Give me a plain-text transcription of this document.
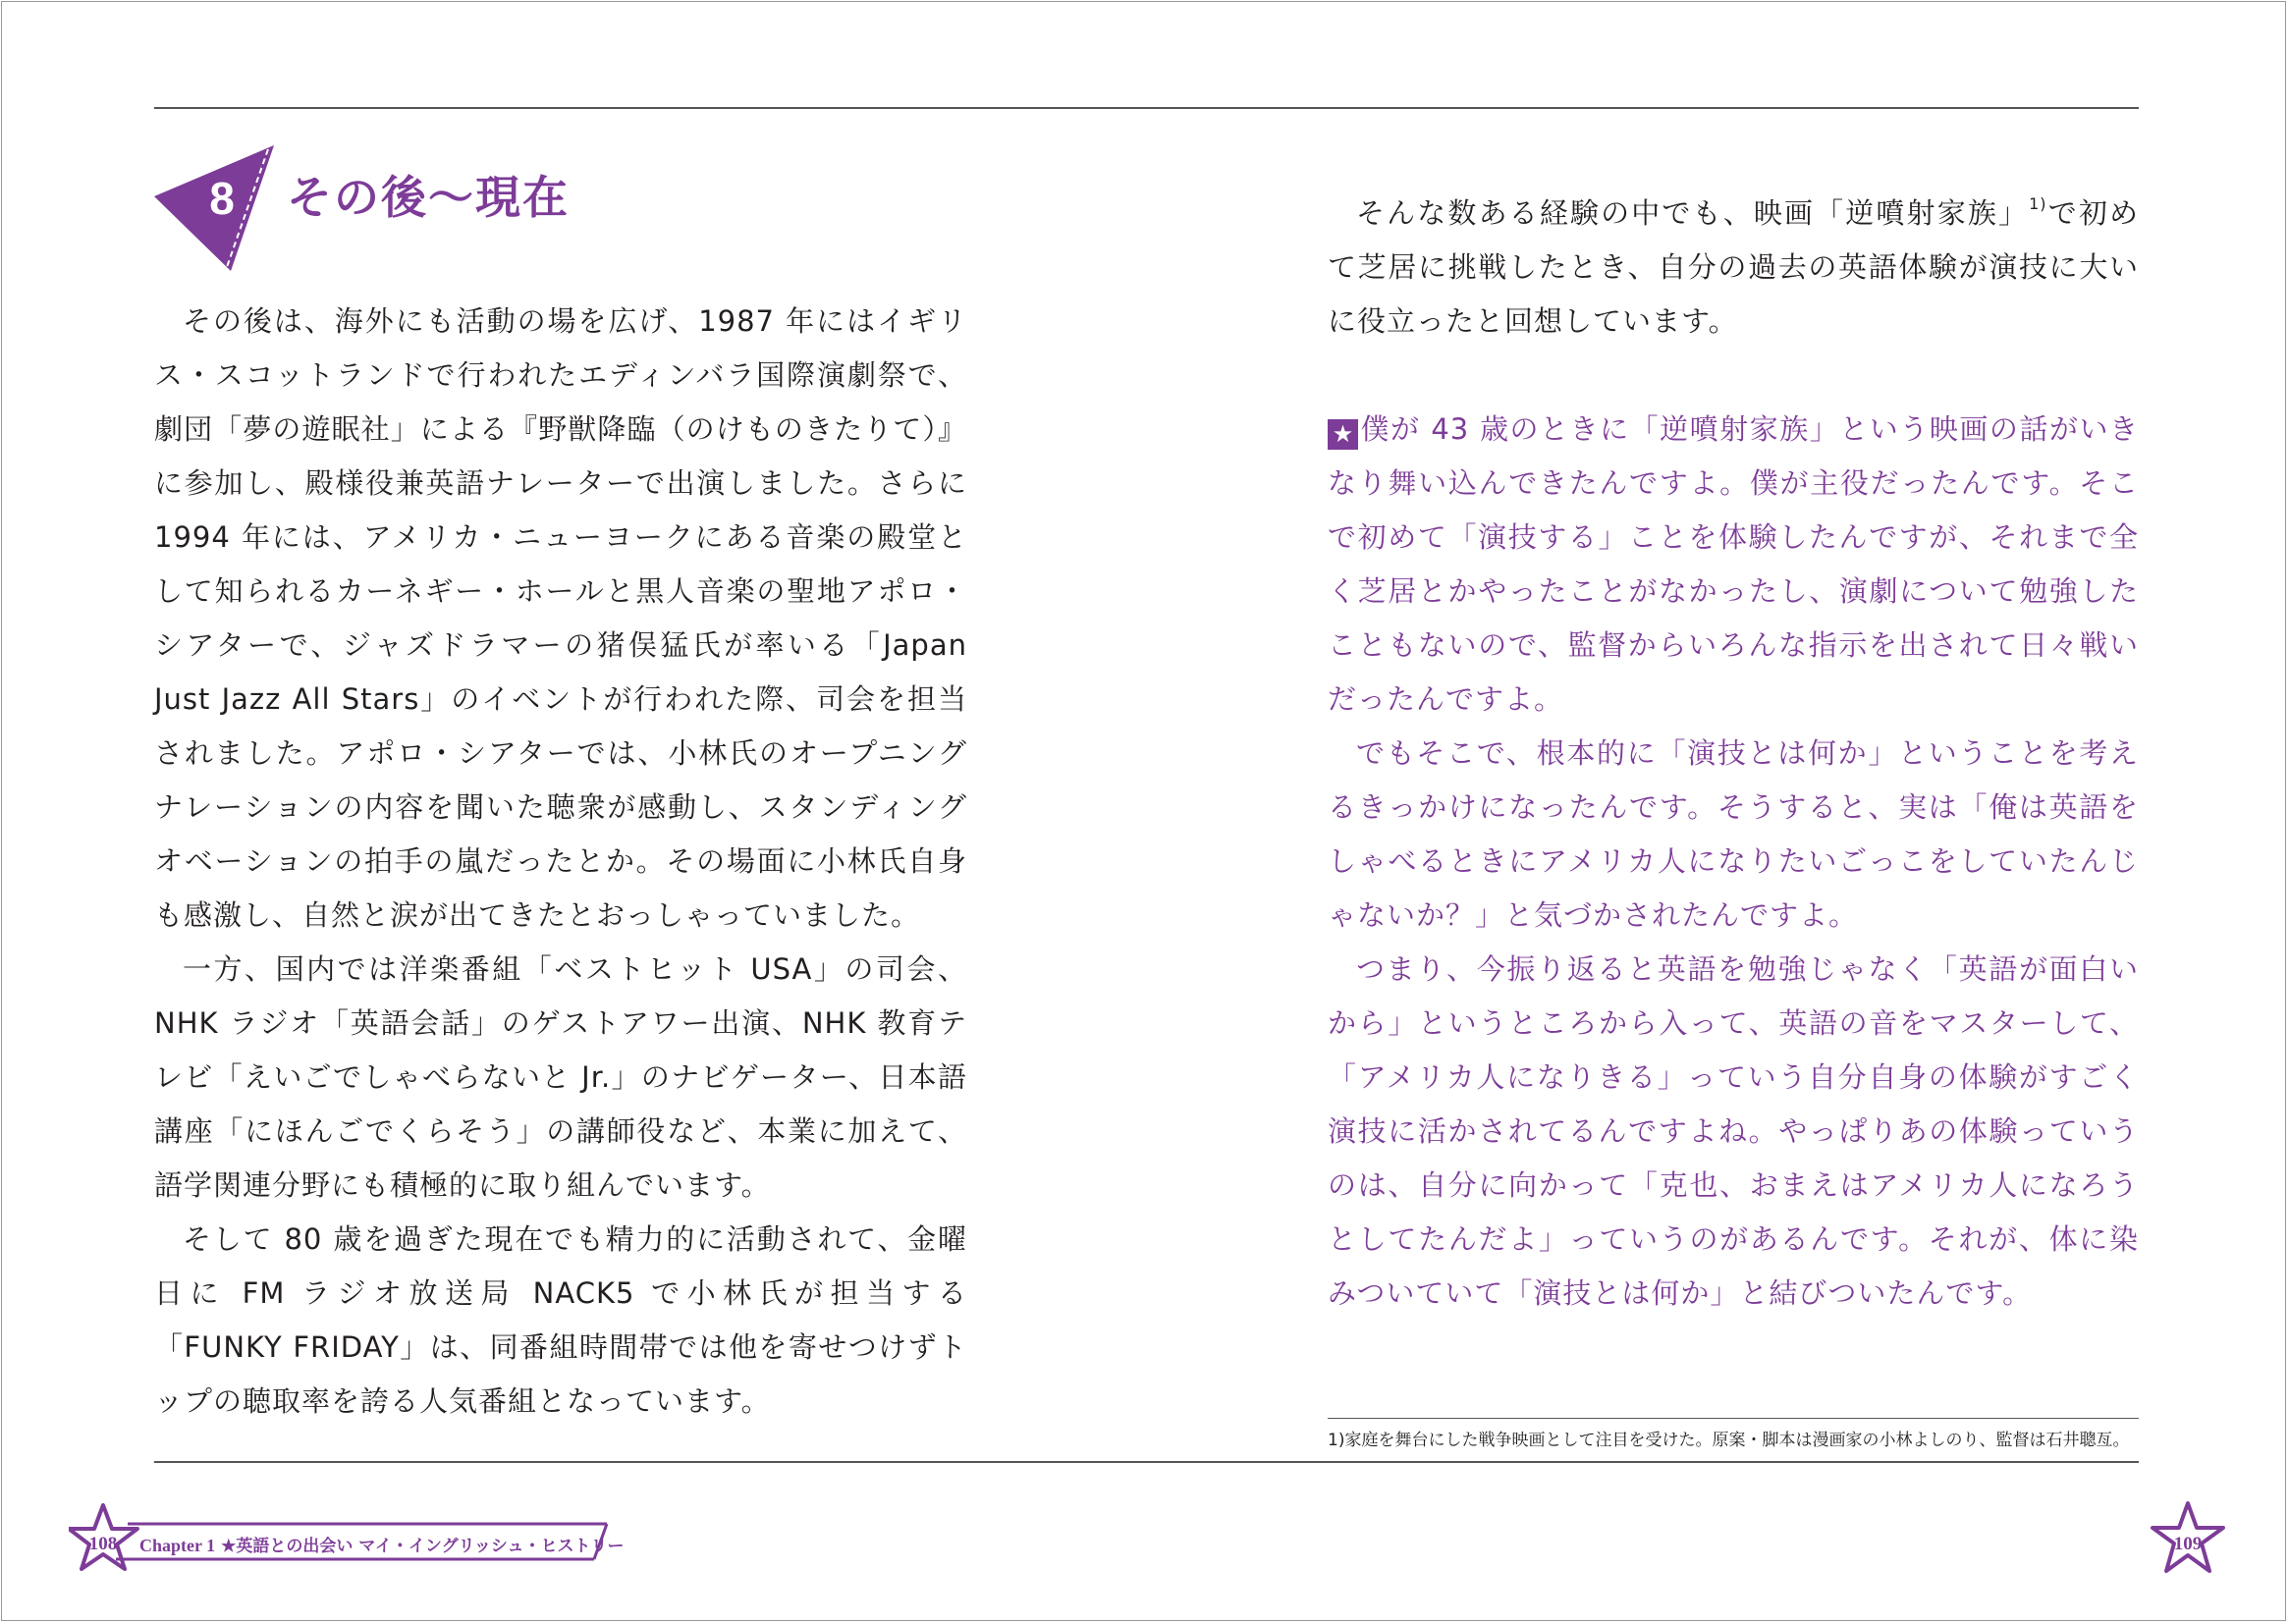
8	その後～現在

その後は、海外にも活動の場を広げ、1987 年にはイギリス・スコットランドで行われたエディンバラ国際演劇祭で、劇団「夢の遊眠社」による『野獣降臨（のけものきたりて）』に参加し、殿様役兼英語ナレーターで出演しました。さらに 1994 年には、アメリカ・ニューヨークにある音楽の殿堂として知られるカーネギー・ホールと黒人音楽の聖地アポロ・シアターで、ジャズドラマーの猪俣猛氏が率いる「Japan Just Jazz All Stars」のイベントが行われた際、司会を担当されました。アポロ・シアターでは、小林氏のオープニングナレーションの内容を聞いた聴衆が感動し、スタンディングオベーションの拍手の嵐だったとか。その場面に小林氏自身も感激し、自然と涙が出てきたとおっしゃっていました。

一方、国内では洋楽番組「ベストヒット USA」の司会、NHK ラジオ「英語会話」のゲストアワー出演、NHK 教育テレビ「えいごでしゃべらないと Jr.」のナビゲーター、日本語講座「にほんごでくらそう」の講師役など、本業に加えて、語学関連分野にも積極的に取り組んでいます。

そして 80 歳を過ぎた現在でも精力的に活動されて、金曜日に FM ラジオ放送局 NACK5 で小林氏が担当する「FUNKY FRIDAY」は、同番組時間帯では他を寄せつけずトップの聴取率を誇る人気番組となっています。

そんな数ある経験の中でも、映画「逆噴射家族」$^{1)}$で初めて芝居に挑戦したとき、自分の過去の英語体験が演技に大いに役立ったと回想しています。

★ 僕が 43 歳のときに「逆噴射家族」という映画の話がいきなり舞い込んできたんですよ。僕が主役だったんです。そこで初めて「演技する」ことを体験したんですが、それまで全く芝居とかやったことがなかったし、演劇について勉強したこともないので、監督からいろんな指示を出されて日々戦いだったんですよ。

でもそこで、根本的に「演技とは何か」ということを考えるきっかけになったんです。そうすると、実は「俺は英語をしゃべるときにアメリカ人になりたいごっこをしていたんじゃないか？」と気づかされたんですよ。

つまり、今振り返ると英語を勉強じゃなく「英語が面白いから」というところから入って、英語の音をマスターして、「アメリカ人になりきる」っていう自分自身の体験がすごく演技に活かされてるんですよね。やっぱりあの体験っていうのは、自分に向かって「克也、おまえはアメリカ人になろうとしてたんだよ」っていうのがあるんです。それが、体に染みついていて「演技とは何か」と結びついたんです。

1)家庭を舞台にした戦争映画として注目を受けた。原案・脚本は漫画家の小林よしのり、監督は石井聰亙。
108	Chapter 1 ★英語との出会い マイ・イングリッシュ・ヒストリー	109
